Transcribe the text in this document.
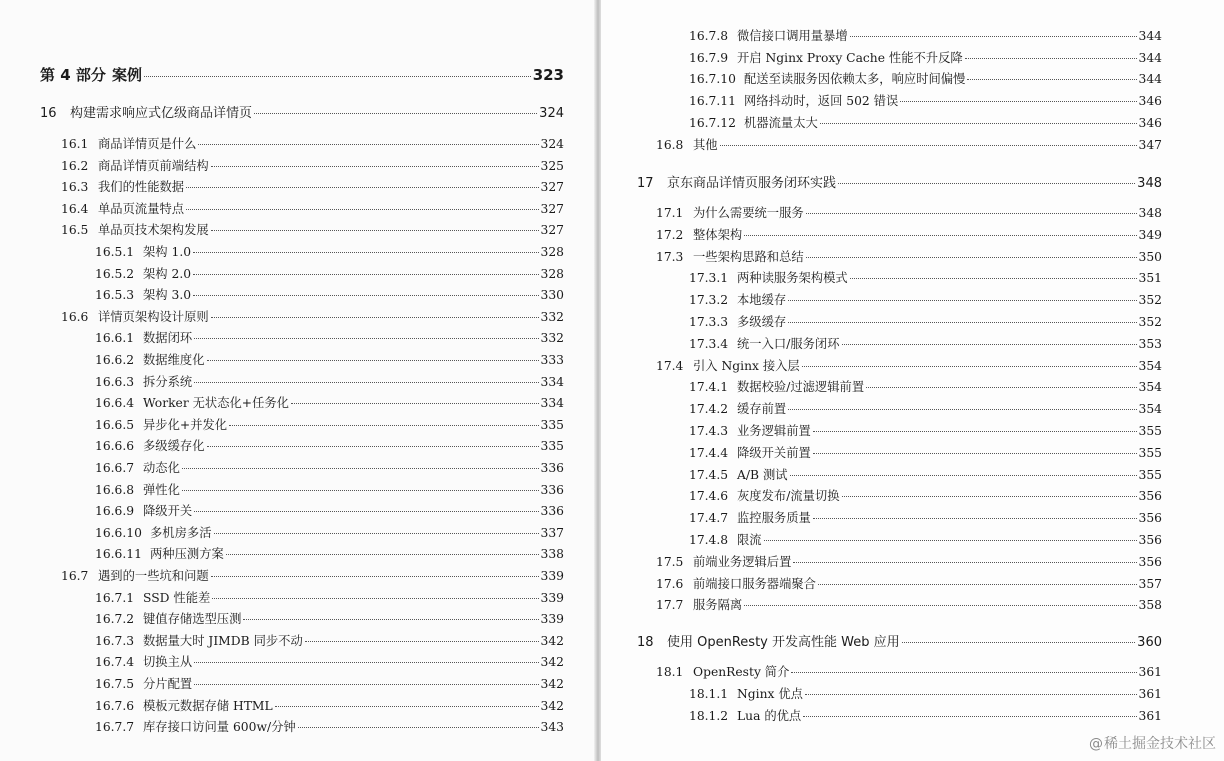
第 4 部分 案例	323
16	构建需求响应式亿级商品详情页	324
16.1 商品详情页是什么	324
16.2 商品详情页前端结构	325
16.3 我们的性能数据	327
16.4 单品页流量特点	327
16.5 单品页技术架构发展	327
16.5.1 架构 1.0	328
16.5.2 架构 2.0	328
16.5.3 架构 3.0	330
16.6 详情页架构设计原则	332
16.6.1 数据闭环	332
16.6.2 数据维度化	333
16.6.3 拆分系统	334
16.6.4 Worker 无状态化+任务化	334
16.6.5 异步化+并发化	335
16.6.6 多级缓存化	335
16.6.7 动态化	336
16.6.8 弹性化	336
16.6.9 降级开关	336
16.6.10 多机房多活	337
16.6.11 两种压测方案	338
16.7 遇到的一些坑和问题	339
16.7.1 SSD 性能差	339
16.7.2 键值存储选型压测	339
16.7.3 数据量大时 JIMDB 同步不动	342
16.7.4 切换主从	342
16.7.5 分片配置	342
16.7.6 模板元数据存储 HTML	342
16.7.7 库存接口访问量 600w/分钟	343
16.7.8 微信接口调用量暴增	344
16.7.9 开启 Nginx Proxy Cache 性能不升反降	344
16.7.10 配送至读服务因依赖太多，响应时间偏慢	344
16.7.11 网络抖动时，返回 502 错误	346
16.7.12 机器流量太大	346
16.8 其他	347
17	京东商品详情页服务闭环实践	348
17.1 为什么需要统一服务	348
17.2 整体架构	349
17.3 一些架构思路和总结	350
17.3.1 两种读服务架构模式	351
17.3.2 本地缓存	352
17.3.3 多级缓存	352
17.3.4 统一入口/服务闭环	353
17.4 引入 Nginx 接入层	354
17.4.1 数据校验/过滤逻辑前置	354
17.4.2 缓存前置	354
17.4.3 业务逻辑前置	355
17.4.4 降级开关前置	355
17.4.5 A/B 测试	355
17.4.6 灰度发布/流量切换	356
17.4.7 监控服务质量	356
17.4.8 限流	356
17.5 前端业务逻辑后置	356
17.6 前端接口服务器端聚合	357
17.7 服务隔离	358
18	使用 OpenResty 开发高性能 Web 应用	360
18.1 OpenResty 简介	361
18.1.1 Nginx 优点	361
18.1.2 Lua 的优点	361
@稀土掘金技术社区
